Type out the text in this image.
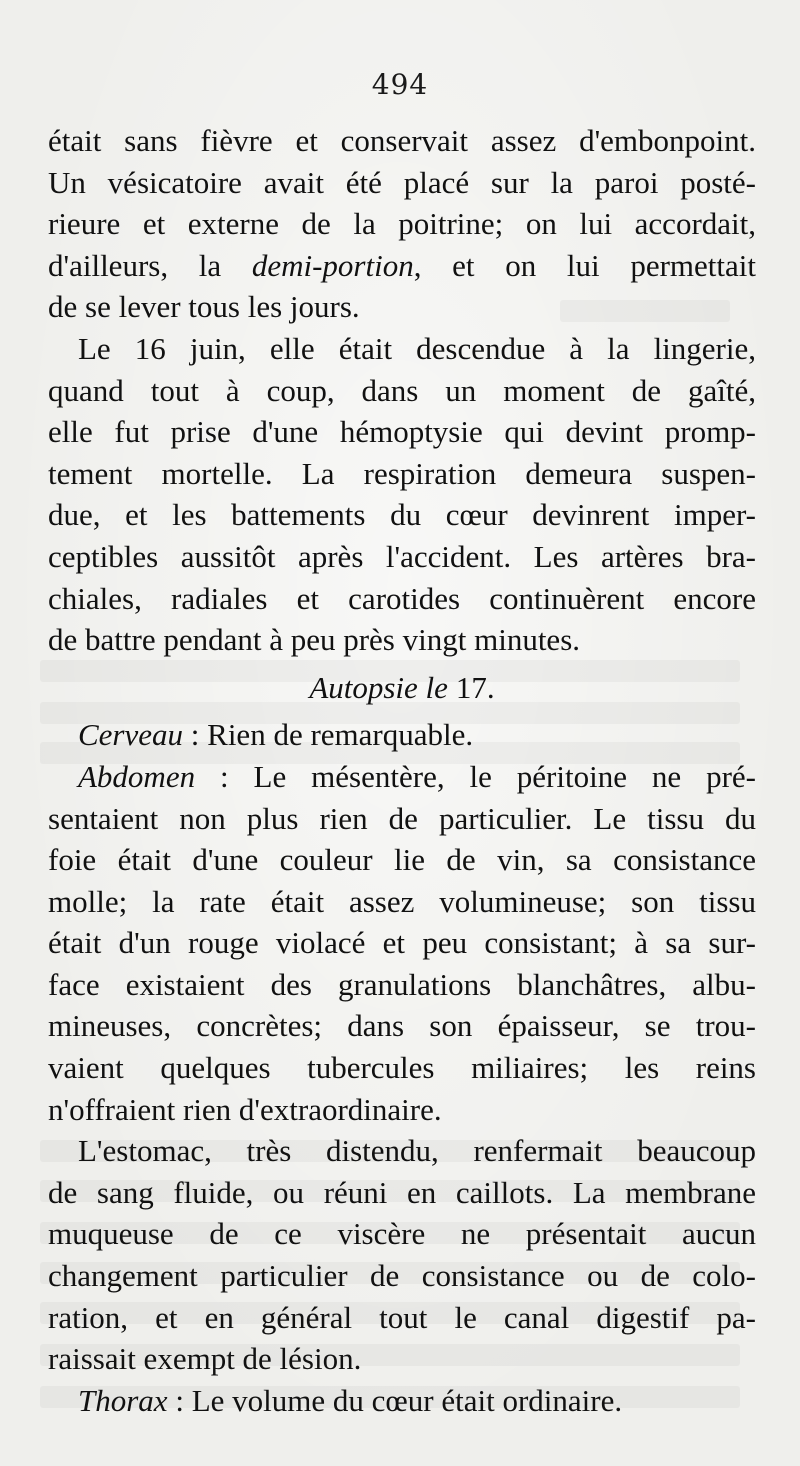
494
était sans fièvre et conservait assez d'embonpoint.
Un vésicatoire avait été placé sur la paroi posté-
rieure et externe de la poitrine; on lui accordait,
d'ailleurs, la demi-portion, et on lui permettait
de se lever tous les jours.
Le 16 juin, elle était descendue à la lingerie,
quand tout à coup, dans un moment de gaîté,
elle fut prise d'une hémoptysie qui devint promp-
tement mortelle. La respiration demeura suspen-
due, et les battements du cœur devinrent imper-
ceptibles aussitôt après l'accident. Les artères bra-
chiales, radiales et carotides continuèrent encore
de battre pendant à peu près vingt minutes.
Autopsie le 17.
Cerveau : Rien de remarquable.
Abdomen : Le mésentère, le péritoine ne pré-
sentaient non plus rien de particulier. Le tissu du
foie était d'une couleur lie de vin, sa consistance
molle; la rate était assez volumineuse; son tissu
était d'un rouge violacé et peu consistant; à sa sur-
face existaient des granulations blanchâtres, albu-
mineuses, concrètes; dans son épaisseur, se trou-
vaient quelques tubercules miliaires; les reins
n'offraient rien d'extraordinaire.
L'estomac, très distendu, renfermait beaucoup
de sang fluide, ou réuni en caillots. La membrane
muqueuse de ce viscère ne présentait aucun
changement particulier de consistance ou de colo-
ration, et en général tout le canal digestif pa-
raissait exempt de lésion.
Thorax : Le volume du cœur était ordinaire.
